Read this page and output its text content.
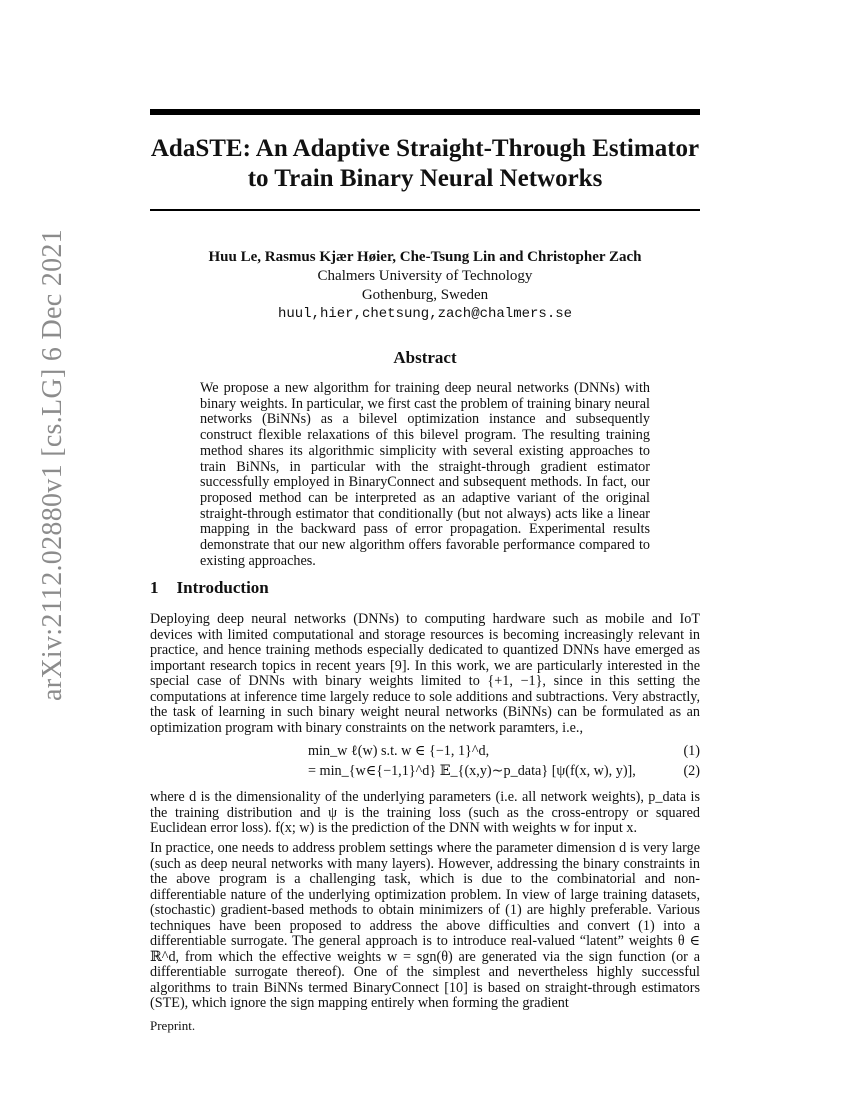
arXiv:2112.02880v1 [cs.LG] 6 Dec 2021
AdaSTE: An Adaptive Straight-Through Estimator
to Train Binary Neural Networks
Huu Le, Rasmus Kjær Høier, Che-Tsung Lin and Christopher Zach
Chalmers University of Technology
Gothenburg, Sweden
huul,hier,chetsung,zach@chalmers.se
Abstract
We propose a new algorithm for training deep neural networks (DNNs) with binary weights. In particular, we first cast the problem of training binary neural networks (BiNNs) as a bilevel optimization instance and subsequently construct flexible relaxations of this bilevel program. The resulting training method shares its algorithmic simplicity with several existing approaches to train BiNNs, in particular with the straight-through gradient estimator successfully employed in BinaryConnect and subsequent methods. In fact, our proposed method can be interpreted as an adaptive variant of the original straight-through estimator that conditionally (but not always) acts like a linear mapping in the backward pass of error propagation. Experimental results demonstrate that our new algorithm offers favorable performance compared to existing approaches.
1 Introduction
Deploying deep neural networks (DNNs) to computing hardware such as mobile and IoT devices with limited computational and storage resources is becoming increasingly relevant in practice, and hence training methods especially dedicated to quantized DNNs have emerged as important research topics in recent years [9]. In this work, we are particularly interested in the special case of DNNs with binary weights limited to {+1, −1}, since in this setting the computations at inference time largely reduce to sole additions and subtractions. Very abstractly, the task of learning in such binary weight neural networks (BiNNs) can be formulated as an optimization program with binary constraints on the network paramters, i.e.,
min_w ℓ(w) s.t. w ∈ {−1, 1}^d,	(1)
= min_{w∈{−1,1}^d} 𝔼_{(x,y)∼p_data} [ψ(f(x, w), y)],	(2)
where d is the dimensionality of the underlying parameters (i.e. all network weights), p_data is the training distribution and ψ is the training loss (such as the cross-entropy or squared Euclidean error loss). f(x; w) is the prediction of the DNN with weights w for input x.
In practice, one needs to address problem settings where the parameter dimension d is very large (such as deep neural networks with many layers). However, addressing the binary constraints in the above program is a challenging task, which is due to the combinatorial and non-differentiable nature of the underlying optimization problem. In view of large training datasets, (stochastic) gradient-based methods to obtain minimizers of (1) are highly preferable. Various techniques have been proposed to address the above difficulties and convert (1) into a differentiable surrogate. The general approach is to introduce real-valued “latent” weights θ ∈ ℝ^d, from which the effective weights w = sgn(θ) are generated via the sign function (or a differentiable surrogate thereof). One of the simplest and nevertheless highly successful algorithms to train BiNNs termed BinaryConnect [10] is based on straight-through estimators (STE), which ignore the sign mapping entirely when forming the gradient
Preprint.
